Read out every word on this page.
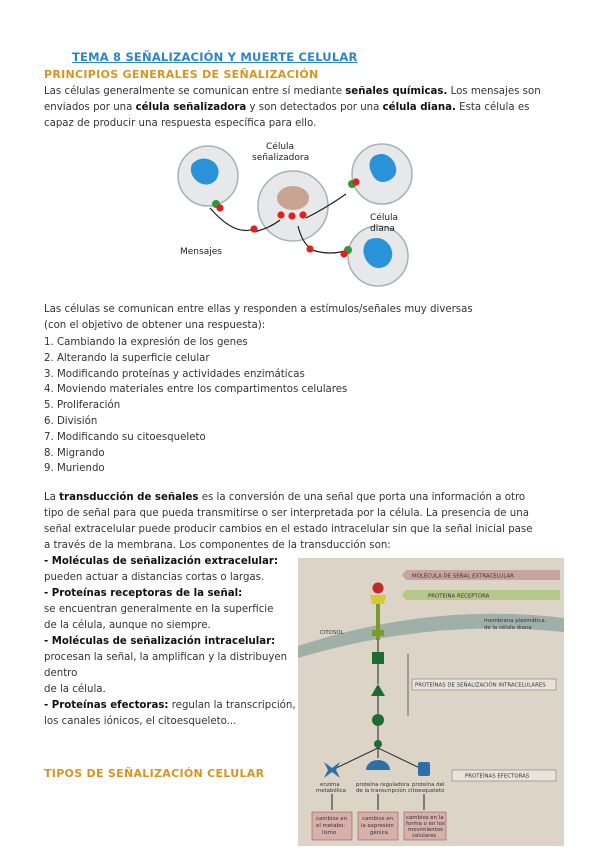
TEMA 8 SEÑALIZACIÓN Y MUERTE CELULAR
PRINCIPIOS GENERALES DE SEÑALIZACIÓN
Las células generalmente se comunican entre sí mediante señales químicas. Los mensajes son
enviados por una célula señalizadora y son detectados por una célula diana. Esta célula es
capaz de producir una respuesta específica para ello.
Célula
señalizadora
Célula
diana
Mensajes
Las células se comunican entre ellas y responden a estímulos/señales muy diversas
(con el objetivo de obtener una respuesta):
1. Cambiando la expresión de los genes
2. Alterando la superficie celular
3. Modificando proteínas y actividades enzimáticas
4. Moviendo materiales entre los compartimentos celulares
5. Proliferación
6. División
7. Modificando su citoesqueleto
8. Migrando
9. Muriendo
La transducción de señales es la conversión de una señal que porta una información a otro
tipo de señal para que pueda transmitirse o ser interpretada por la célula. La presencia de una
señal extracelular puede producir cambios en el estado intracelular sin que la señal inicial pase
a través de la membrana. Los componentes de la transducción son:
- Moléculas de señalización extracelular:
pueden actuar a distancias cortas o largas.
- Proteínas receptoras de la señal:
se encuentran generalmente en la superficie
de la célula, aunque no siempre.
- Moléculas de señalización intracelular:
procesan la señal, la amplifican y la distribuyen
dentro
de la célula.
- Proteínas efectoras: regulan la transcripción,
los canales iónicos, el citoesqueleto...
TIPOS DE SEÑALIZACIÓN CELULAR
MOLÉCULA DE SEÑAL EXTRACELULAR
PROTEÍNA RECEPTORA
membrana plasmática
de la célula diana
CITOSOL
PROTEÍNAS DE SEÑALIZACIÓN INTRACELULARES
PROTEÍNAS EFECTORAS
enzima
metabólica
proteína reguladora
de la transcripción
proteína del
citoesqueleto
cambios en
el metabo-
lismo
cambios en
la expresión
génica
cambios en la
forma o en los
movimientos
celulares
